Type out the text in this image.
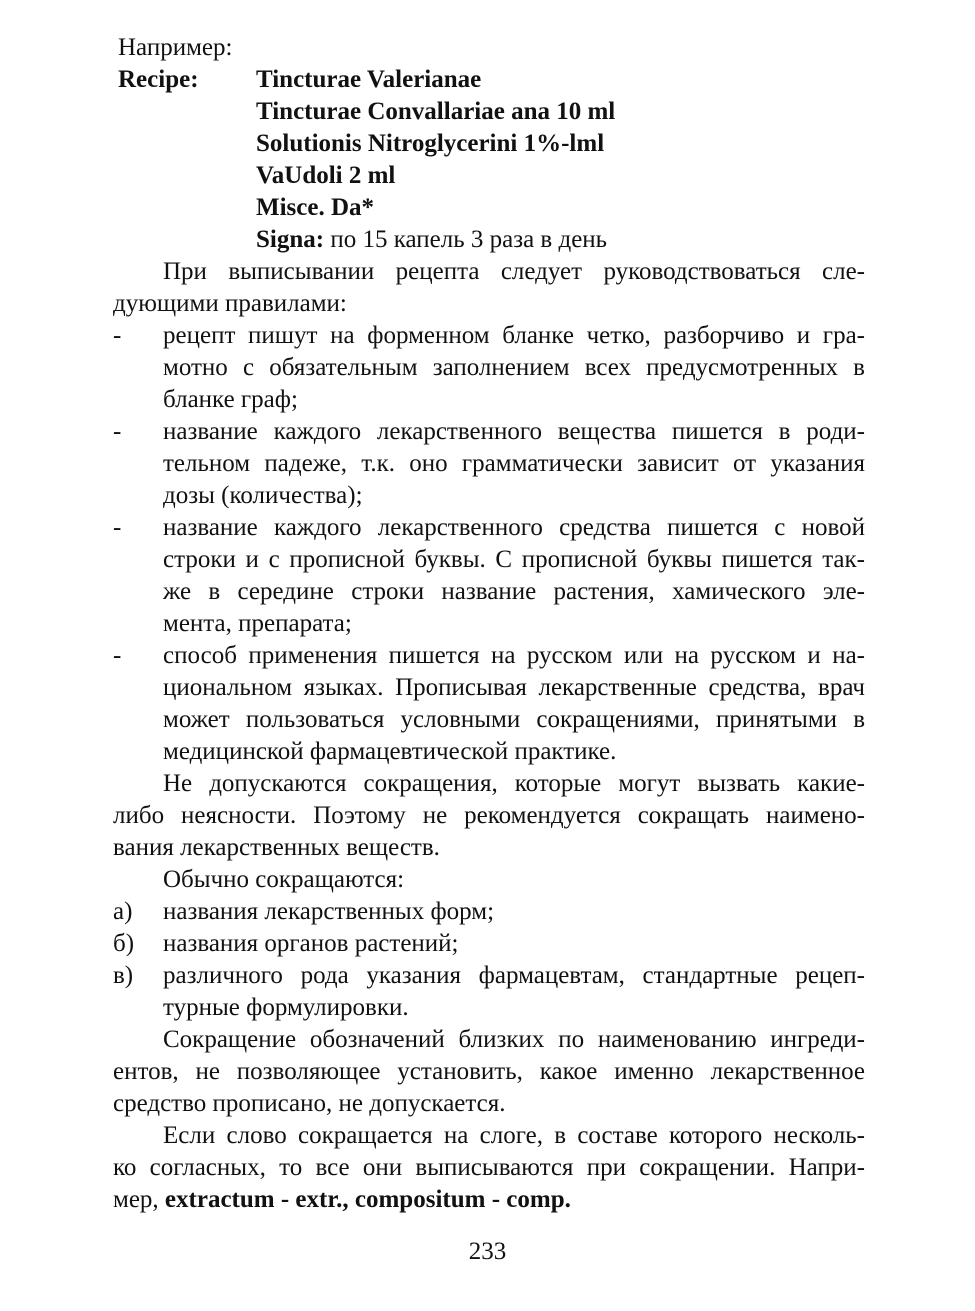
Например:
Recipe: Tincturae Valerianae
Tincturae Convallariae ana 10 ml
Solutionis Nitroglycerini 1%-lml
VaUdoli 2 ml
Misce. Da*
Signa: по 15 капель 3 раза в день
При выписывании рецепта следует руководствоваться сле-
дующими правилами:
- рецепт пишут на форменном бланке четко, разборчиво и гра-
мотно с обязательным заполнением всех предусмотренных в
бланке граф;
- название каждого лекарственного вещества пишется в роди-
тельном падеже, т.к. оно грамматически зависит от указания
дозы (количества);
- название каждого лекарственного средства пишется с новой
строки и с прописной буквы. С прописной буквы пишется так-
же в середине строки название растения, хамического эле-
мента, препарата;
- способ применения пишется на русском или на русском и на-
циональном языках. Прописывая лекарственные средства, врач
может пользоваться условными сокращениями, принятыми в
медицинской фармацевтической практике.
Не допускаются сокращения, которые могут вызвать какие-
либо неясности. Поэтому не рекомендуется сокращать наимено-
вания лекарственных веществ.
Обычно сокращаются:
а) названия лекарственных форм;
б) названия органов растений;
в) различного рода указания фармацевтам, стандартные рецеп-
турные формулировки.
Сокращение обозначений близких по наименованию ингреди-
ентов, не позволяющее установить, какое именно лекарственное
средство прописано, не допускается.
Если слово сокращается на слоге, в составе которого несколь-
ко согласных, то все они выписываются при сокращении. Напри-
мер, extractum - extr., compositum - comp.
233
